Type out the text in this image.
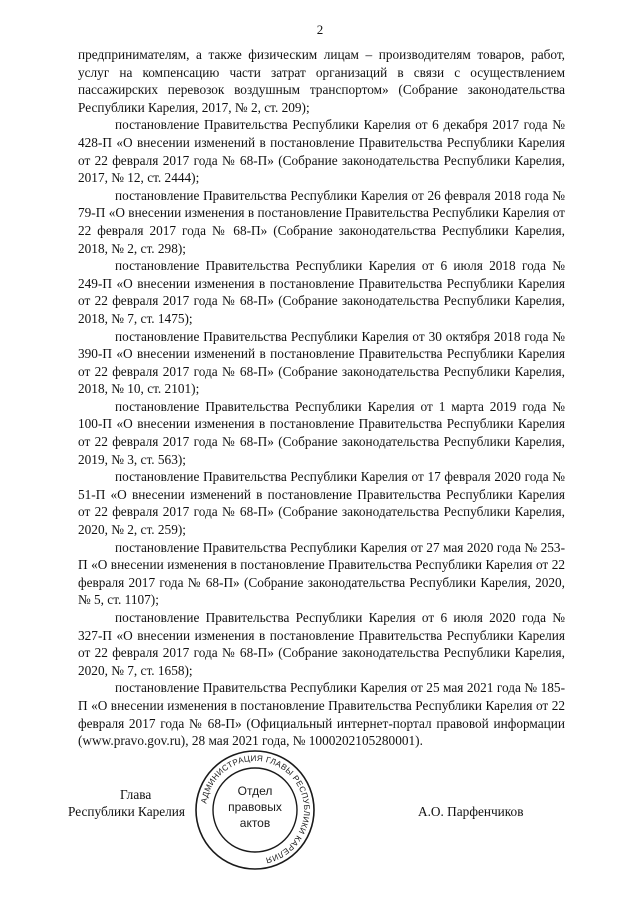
2

предпринимателям, а также физическим лицам – производителям товаров, работ, услуг на компенсацию части затрат организаций в связи с осуществлением пассажирских перевозок воздушным транспортом» (Собрание законодательства Республики Карелия, 2017, № 2, ст. 209);

постановление Правительства Республики Карелия от 6 декабря 2017 года № 428-П «О внесении изменений в постановление Правительства Республики Карелия от 22 февраля 2017 года № 68-П» (Собрание законодательства Республики Карелия, 2017, № 12, ст. 2444);

постановление Правительства Республики Карелия от 26 февраля 2018 года № 79-П «О внесении изменения в постановление Правительства Республики Карелия от 22 февраля 2017 года № 68-П» (Собрание законодательства Республики Карелия, 2018, № 2, ст. 298);

постановление Правительства Республики Карелия от 6 июля 2018 года № 249-П «О внесении изменения в постановление Правительства Республики Карелия от 22 февраля 2017 года № 68-П» (Собрание законодательства Республики Карелия, 2018, № 7, ст. 1475);

постановление Правительства Республики Карелия от 30 октября 2018 года № 390-П «О внесении изменений в постановление Правительства Республики Карелия от 22 февраля 2017 года № 68-П» (Собрание законодательства Республики Карелия, 2018, № 10, ст. 2101);

постановление Правительства Республики Карелия от 1 марта 2019 года № 100-П «О внесении изменения в постановление Правительства Республики Карелия от 22 февраля 2017 года № 68-П» (Собрание законодательства Республики Карелия, 2019, № 3, ст. 563);

постановление Правительства Республики Карелия от 17 февраля 2020 года № 51-П «О внесении изменений в постановление Правительства Республики Карелия от 22 февраля 2017 года № 68-П» (Собрание законодательства Республики Карелия, 2020, № 2, ст. 259);

постановление Правительства Республики Карелия от 27 мая 2020 года № 253-П «О внесении изменения в постановление Правительства Республики Карелия от 22 февраля 2017 года № 68-П» (Собрание законодательства Республики Карелия, 2020, № 5, ст. 1107);

постановление Правительства Республики Карелия от 6 июля 2020 года № 327-П «О внесении изменения в постановление Правительства Республики Карелия от 22 февраля 2017 года № 68-П» (Собрание законодательства Республики Карелия, 2020, № 7, ст. 1658);

постановление Правительства Республики Карелия от 25 мая 2021 года № 185-П «О внесении изменения в постановление Правительства Республики Карелия от 22 февраля 2017 года № 68-П» (Официальный интернет-портал правовой информации (www.pravo.gov.ru), 28 мая 2021 года, № 1000202105280001).

Глава
Республики Карелия	А.О. Парфенчиков
АДМИНИСТРАЦИЯ ГЛАВЫ РЕСПУБЛИКИ КАРЕЛИЯ
Отдел
правовых
актов
